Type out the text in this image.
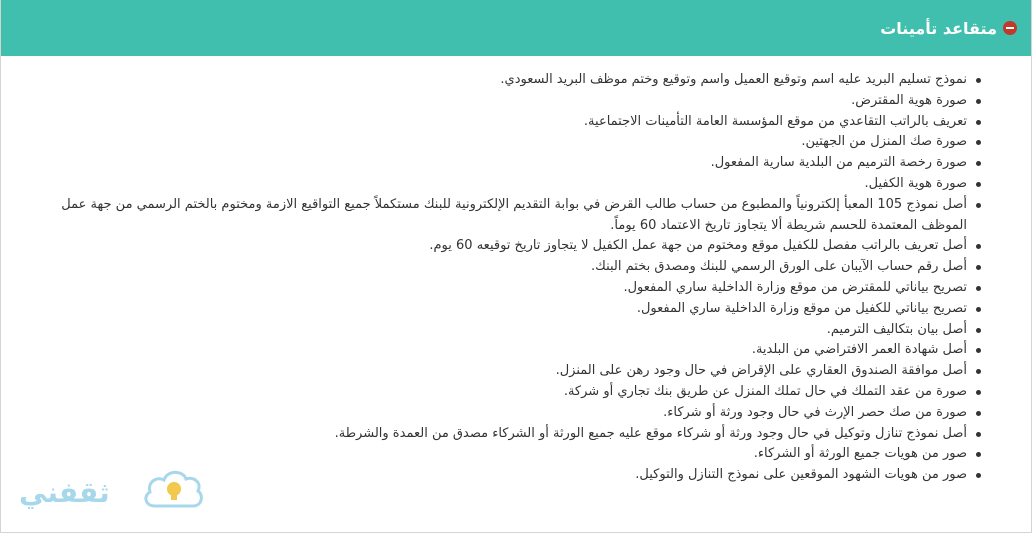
متقاعد تأمينات
نموذج تسليم البريد عليه اسم وتوقيع العميل واسم وتوقيع وختم موظف البريد السعودي.
صورة هوية المقترض.
تعريف بالراتب التقاعدي من موقع المؤسسة العامة التأمينات الاجتماعية.
صورة صك المنزل من الجهتين.
صورة رخصة الترميم من البلدية سارية المفعول.
صورة هوية الكفيل.
أصل نموذج 105 المعبأ إلكترونياً والمطبوع من حساب طالب القرض في بوابة التقديم الإلكترونية للبنك مستكملاً جميع التواقيع الازمة ومختوم بالختم الرسمي من جهة عمل الموظف المعتمدة للحسم شريطة ألا يتجاوز تاريخ الاعتماد 60 يوماً.
أصل تعريف بالراتب مفصل للكفيل موقع ومختوم من جهة عمل الكفيل لا يتجاوز تاريخ توقيعه 60 يوم.
أصل رقم حساب الآيبان على الورق الرسمي للبنك ومصدق بختم البنك.
تصريح بياناتي للمقترض من موقع وزارة الداخلية ساري المفعول.
تصريح بياناتي للكفيل من موقع وزارة الداخلية ساري المفعول.
أصل بيان بتكاليف الترميم.
أصل شهادة العمر الافتراضي من البلدية.
أصل موافقة الصندوق العقاري على الإقراض في حال وجود رهن على المنزل.
صورة من عقد التملك في حال تملك المنزل عن طريق بنك تجاري أو شركة.
صورة من صك حصر الإرث في حال وجود ورثة أو شركاء.
أصل نموذج تنازل وتوكيل في حال وجود ورثة أو شركاء موقع عليه جميع الورثة أو الشركاء مصدق من العمدة والشرطة.
صور من هويات جميع الورثة أو الشركاء.
صور من هويات الشهود الموقعين على نموذج التنازل والتوكيل.
ثقفني
